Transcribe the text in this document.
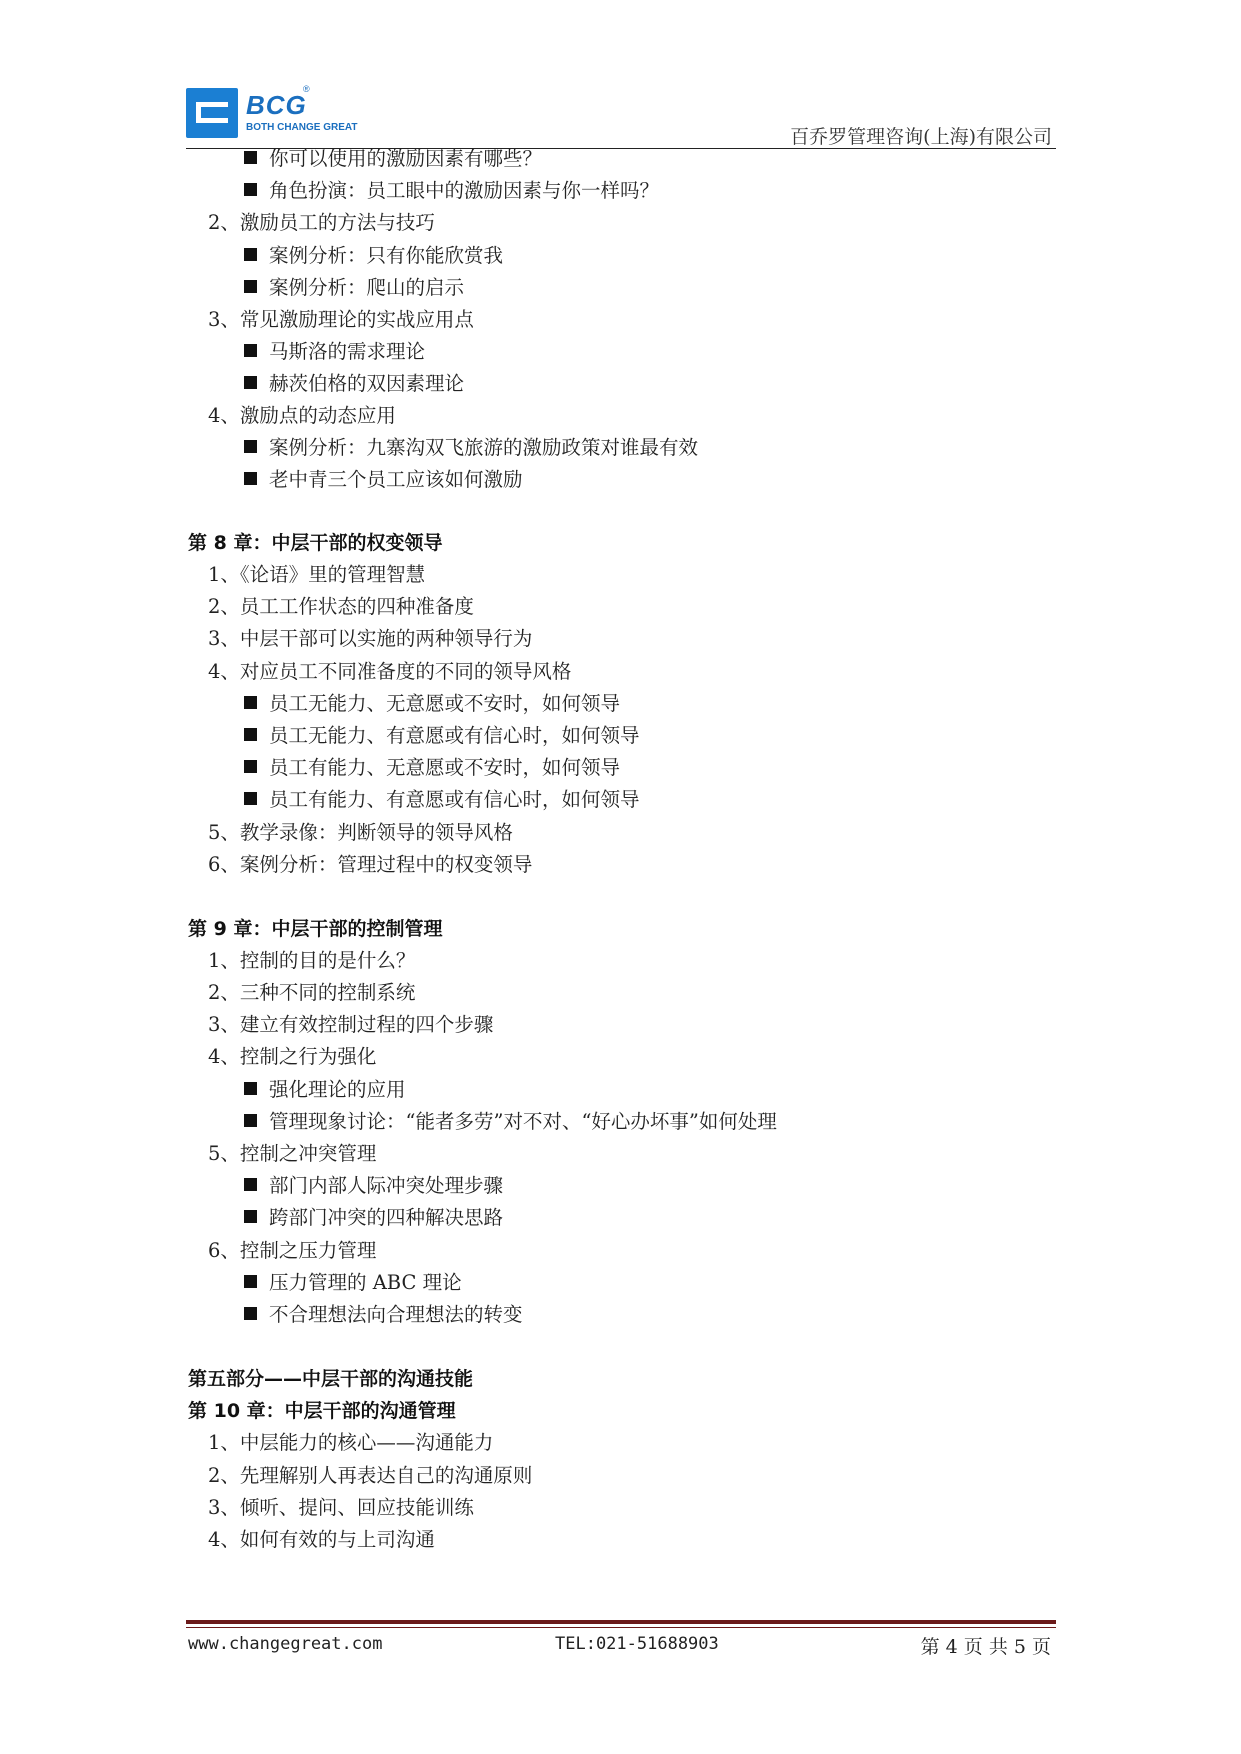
BCG
®
BOTH CHANGE GREAT	百乔罗管理咨询(上海)有限公司
你可以使用的激励因素有哪些？
角色扮演：员工眼中的激励因素与你一样吗？
2、激励员工的方法与技巧
案例分析：只有你能欣赏我
案例分析：爬山的启示
3、常见激励理论的实战应用点
马斯洛的需求理论
赫茨伯格的双因素理论
4、激励点的动态应用
案例分析：九寨沟双飞旅游的激励政策对谁最有效
老中青三个员工应该如何激励
第 8 章：中层干部的权变领导
1、《论语》里的管理智慧
2、员工工作状态的四种准备度
3、中层干部可以实施的两种领导行为
4、对应员工不同准备度的不同的领导风格
员工无能力、无意愿或不安时，如何领导
员工无能力、有意愿或有信心时，如何领导
员工有能力、无意愿或不安时，如何领导
员工有能力、有意愿或有信心时，如何领导
5、教学录像：判断领导的领导风格
6、案例分析：管理过程中的权变领导
第 9 章：中层干部的控制管理
1、控制的目的是什么？
2、三种不同的控制系统
3、建立有效控制过程的四个步骤
4、控制之行为强化
强化理论的应用
管理现象讨论：“能者多劳”对不对、“好心办坏事”如何处理
5、控制之冲突管理
部门内部人际冲突处理步骤
跨部门冲突的四种解决思路
6、控制之压力管理
压力管理的 ABC 理论
不合理想法向合理想法的转变
第五部分——中层干部的沟通技能
第 10 章：中层干部的沟通管理
1、中层能力的核心——沟通能力
2、先理解别人再表达自己的沟通原则
3、倾听、提问、回应技能训练
4、如何有效的与上司沟通
www.changegreat.com	TEL:021-51688903	第 4 页 共 5 页
